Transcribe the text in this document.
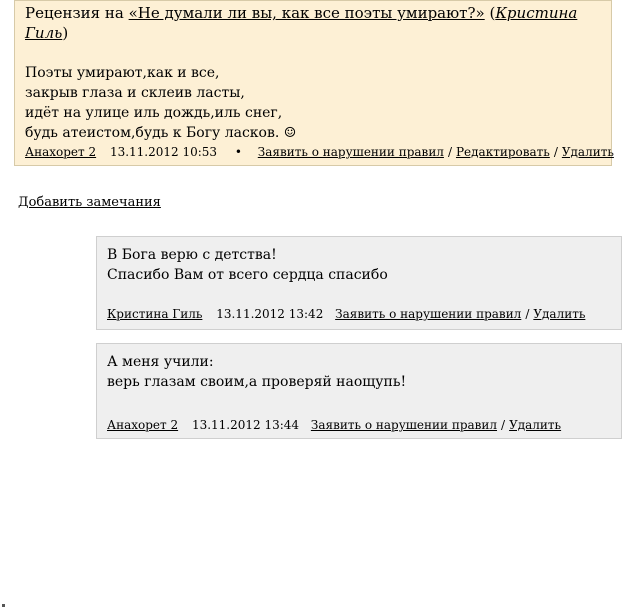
Рецензия на «Не думали ли вы, как все поэты умирают?» (Кристина Гиль)
Поэты умирают,как и все,
закрыв глаза и склеив ласты,
идёт на улице иль дождь,иль снег,
будь атеистом,будь к Богу ласков. ☺
Анахорет 2 13.11.2012 10:53 • Заявить о нарушении правил / Редактировать / Удалить
Добавить замечания
В Бога верю с детства!
Спасибо Вам от всего сердца спасибо
Кристина Гиль 13.11.2012 13:42 Заявить о нарушении правил / Удалить
А меня учили:
верь глазам своим,а проверяй наощупь!
Анахорет 2 13.11.2012 13:44 Заявить о нарушении правил / Удалить
